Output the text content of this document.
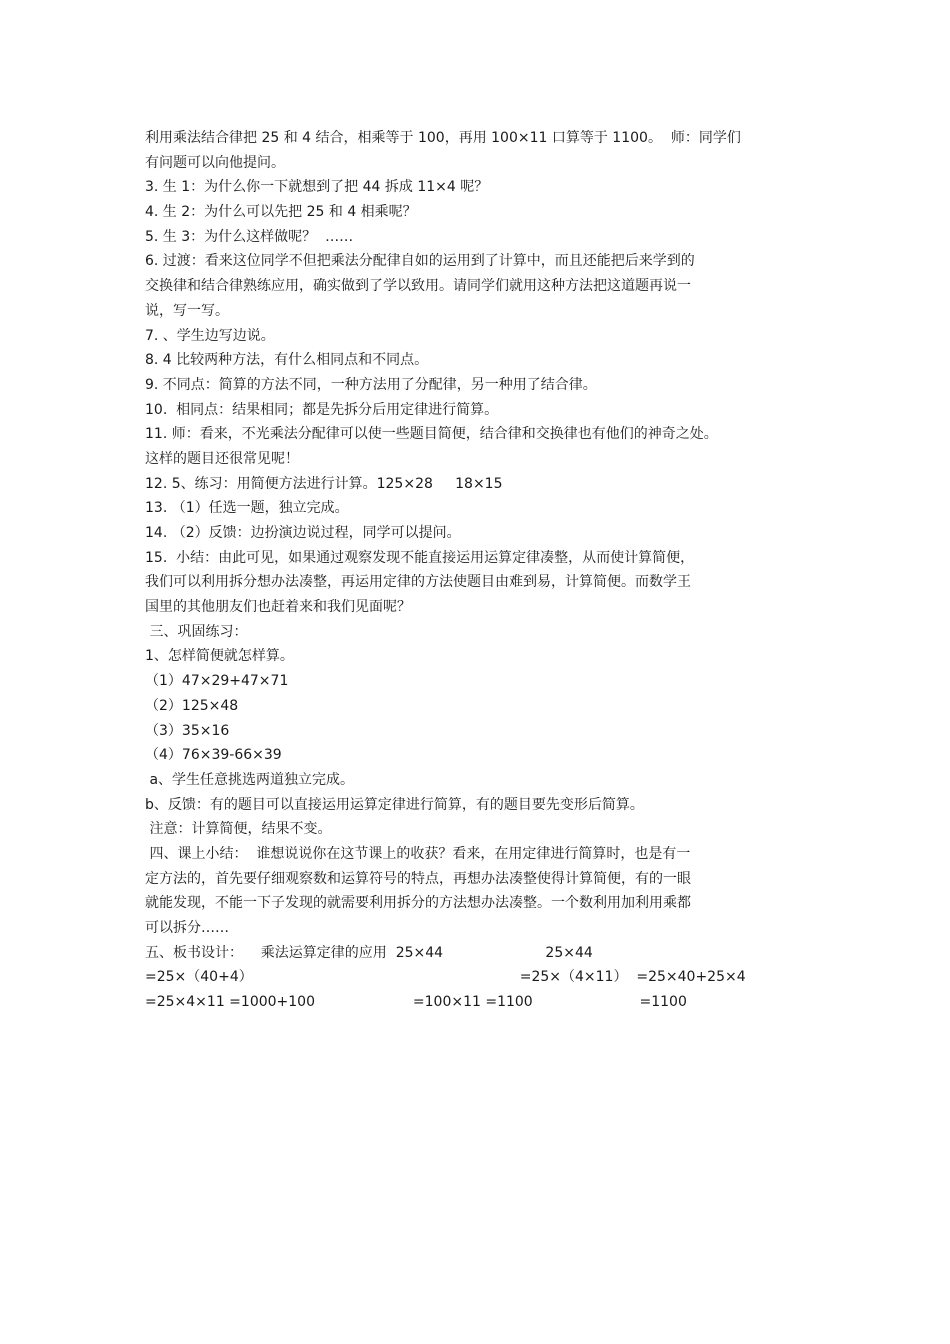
利用乘法结合律把 25 和 4 结合，相乘等于 100，再用 100×11 口算等于 1100。  师：同学们
有问题可以向他提问。
3. 生 1：为什么你一下就想到了把 44 拆成 11×4 呢？
4. 生 2：为什么可以先把 25 和 4 相乘呢？
5. 生 3：为什么这样做呢？  ……
6. 过渡：看来这位同学不但把乘法分配律自如的运用到了计算中，而且还能把后来学到的
交换律和结合律熟练应用，确实做到了学以致用。请同学们就用这种方法把这道题再说一
说，写一写。
7. 、学生边写边说。
8. 4 比较两种方法，有什么相同点和不同点。
9. 不同点：简算的方法不同，一种方法用了分配律，另一种用了结合律。
10.  相同点：结果相同；都是先拆分后用定律进行简算。
11. 师：看来，不光乘法分配律可以使一些题目简便，结合律和交换律也有他们的神奇之处。
这样的题目还很常见呢！
12. 5、练习：用简便方法进行计算。125×28     18×15
13. （1）任选一题，独立完成。
14. （2）反馈：边扮演边说过程，同学可以提问。
15.  小结：由此可见，如果通过观察发现不能直接运用运算定律凑整，从而使计算简便，
我们可以利用拆分想办法凑整，再运用定律的方法使题目由难到易，计算简便。而数学王
国里的其他朋友们也赶着来和我们见面呢？
三、巩固练习：
1、怎样简便就怎样算。
（1）47×29+47×71
（2）125×48
（3）35×16
（4）76×39-66×39
a、学生任意挑选两道独立完成。
b、反馈：有的题目可以直接运用运算定律进行简算，有的题目要先变形后简算。
注意：计算简便，结果不变。
四、课上小结：  谁想说说你在这节课上的收获？看来，在用定律进行简算时，也是有一
定方法的，首先要仔细观察数和运算符号的特点，再想办法凑整使得计算简便，有的一眼
就能发现，不能一下子发现的就需要利用拆分的方法想办法凑整。一个数利用加利用乘都
可以拆分……
五、板书设计：    乘法运算定律的应用  25×44                       25×44
=25×（40+4）                                                            =25×（4×11）  =25×40+25×4
=25×4×11 =1000+100                      =100×11 =1100                        =1100
